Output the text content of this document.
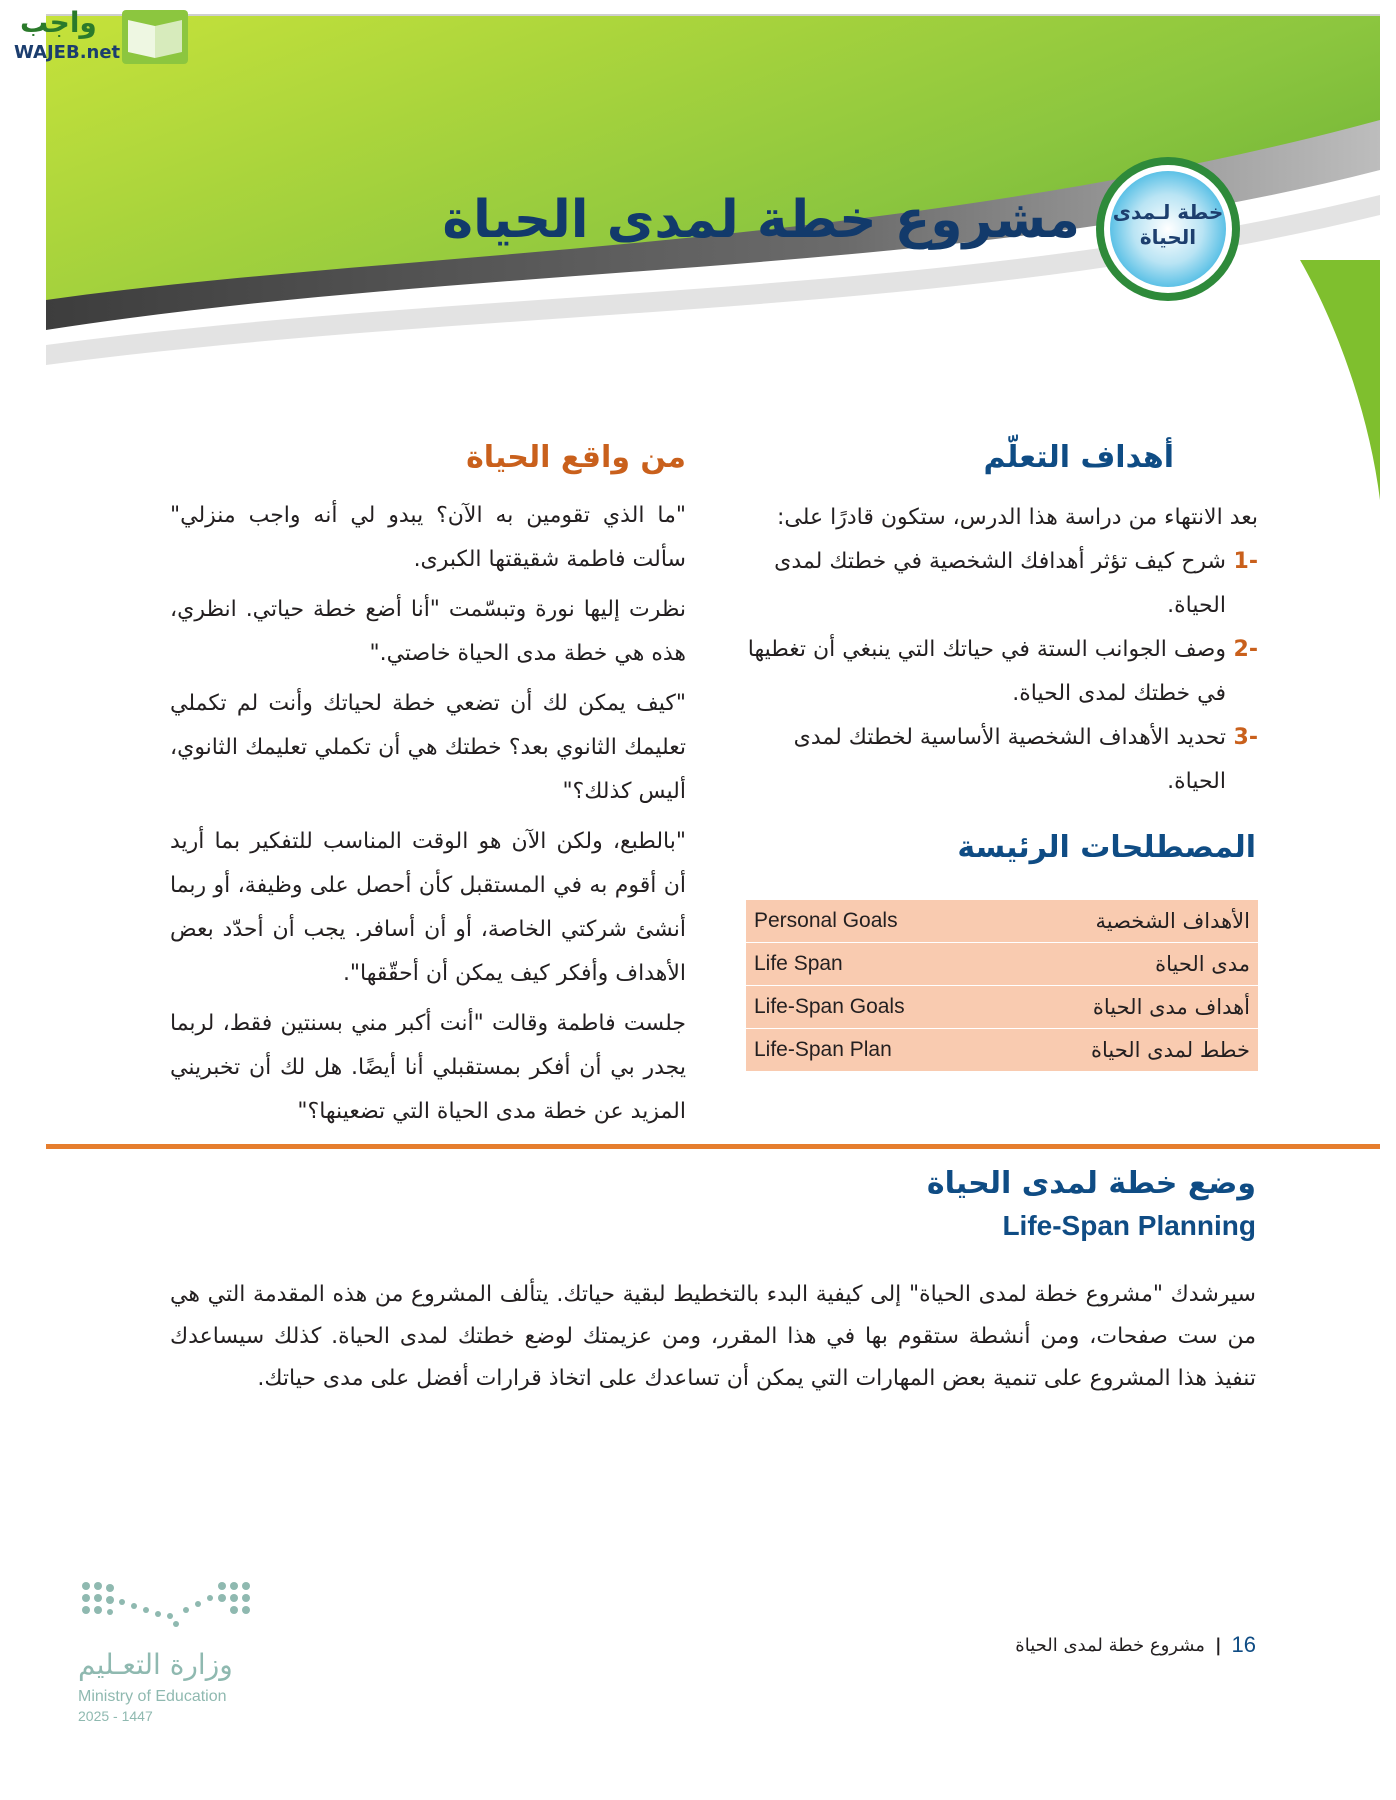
واجب
WAJEB.net
مشروع خطة لمدى الحياة خطة لـمدى
الحياة
أهداف التعلّم
بعد الانتهاء من دراسة هذا الدرس، ستكون قادرًا على:
-1
شرح كيف تؤثر أهدافك الشخصية في خطتك لمدى الحياة.
-2
وصف الجوانب الستة في حياتك التي ينبغي أن تغطيها في خطتك لمدى الحياة.
-3
تحديد الأهداف الشخصية الأساسية لخطتك لمدى الحياة.
المصطلحات الرئيسة
Personal Goals	الأهداف الشخصية
Life Span	مدى الحياة
Life-Span Goals	أهداف مدى الحياة
Life-Span Plan	خطط لمدى الحياة
من واقع الحياة

"ما الذي تقومين به الآن؟ يبدو لي أنه واجب منزلي" سألت فاطمة شقيقتها الكبرى.

نظرت إليها نورة وتبسّمت "أنا أضع خطة حياتي. انظري، هذه هي خطة مدى الحياة خاصتي."

"كيف يمكن لك أن تضعي خطة لحياتك وأنت لم تكملي تعليمك الثانوي بعد؟ خطتك هي أن تكملي تعليمك الثانوي، أليس كذلك؟"

"بالطبع، ولكن الآن هو الوقت المناسب للتفكير بما أريد أن أقوم به في المستقبل كأن أحصل على وظيفة، أو ربما أنشئ شركتي الخاصة، أو أن أسافر. يجب أن أحدّد بعض الأهداف وأفكر كيف يمكن أن أحقّقها".

جلست فاطمة وقالت "أنت أكبر مني بسنتين فقط، لربما يجدر بي أن أفكر بمستقبلي أنا أيضًا. هل لك أن تخبريني المزيد عن خطة مدى الحياة التي تضعينها؟"

وضع خطة لمدى الحياة
Life-Span Planning
سيرشدك "مشروع خطة لمدى الحياة" إلى كيفية البدء بالتخطيط لبقية حياتك. يتألف المشروع من هذه المقدمة التي هي من ست صفحات، ومن أنشطة ستقوم بها في هذا المقرر، ومن عزيمتك لوضع خطتك لمدى الحياة. كذلك سيساعدك تنفيذ هذا المشروع على تنمية بعض المهارات التي يمكن أن تساعدك على اتخاذ قرارات أفضل على مدى حياتك.
وزارة التعـليم
Ministry of Education
2025 - 1447
مشروع خطة لمدى الحياة | 16
